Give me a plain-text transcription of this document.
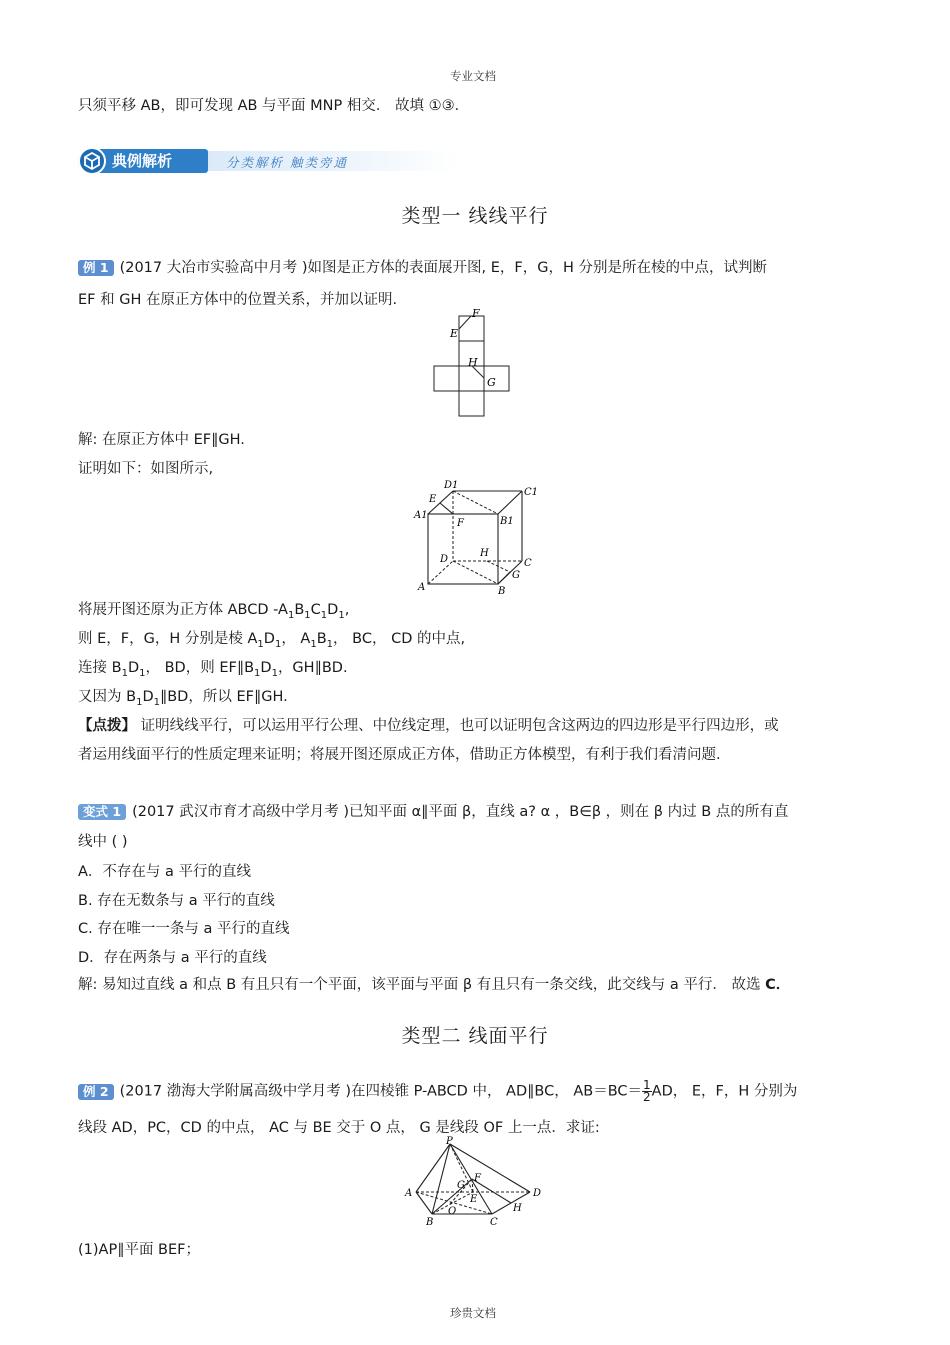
专业文档
只须平移 AB，即可发现 AB 与平面 MNP 相交． 故填 ①③．
典例解析	分类解析 触类旁通
类型一 线线平行
例 1 (2017 大冶市实验高中月考 )如图是正方体的表面展开图, E，F，G，H 分别是所在棱的中点，试判断
EF 和 GH 在原正方体中的位置关系，并加以证明.
F
E
H
G
解: 在原正方体中 EF∥GH.
证明如下：如图所示,
D1
C1
E
A1
B1
F
H
D	C
G
A	B
将展开图还原为正方体 ABCD $-A_1B_1C_1D_1$,
则 E，F，G，H 分别是棱 $A_1D_1$， $A_1B_1$， BC， CD 的中点,
连接 $B_1D_1$， BD，则 $EF\parallel B_1D_1$，GH∥BD.
又因为 $B_1D_1\parallel BD$，所以 EF∥GH.
【点拨】 证明线线平行，可以运用平行公理、中位线定理，也可以证明包含这两边的四边形是平行四边形，或
者运用线面平行的性质定理来证明；将展开图还原成正方体，借助正方体模型，有利于我们看清问题.
变式 1 (2017 武汉市育才高级中学月考 )已知平面 α∥平面 β，直线 a? α ，B∈β ，则在 β 内过 B 点的所有直
线中 ( )
A．不存在与 a 平行的直线
B. 存在无数条与 a 平行的直线
C. 存在唯一一条与 a 平行的直线
D．存在两条与 a 平行的直线
解: 易知过直线 a 和点 B 有且只有一个平面，该平面与平面 β 有且只有一条交线，此交线与 a 平行． 故选 C．
类型二 线面平行
例 2 (2017 渤海大学附属高级中学月考 )在四棱锥 P-ABCD 中， AD∥BC， $AB=BC= \frac{1}{2}$ AD， E，F，H 分别为
线段 AD，PC，CD 的中点， AC 与 BE 交于 O 点， G 是线段 OF 上一点．求证:
P
G
F
A
E
D
O	H
B	C
(1)AP∥平面 BEF；
珍贵文档
